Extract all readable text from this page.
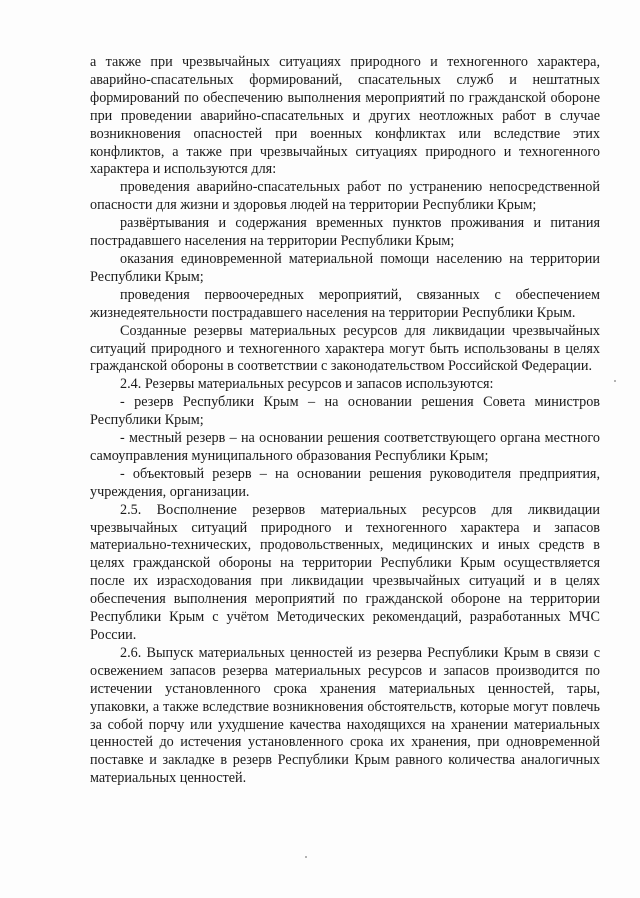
а также при чрезвычайных ситуациях природного и техногенного характера, аварийно-спасательных формирований, спасательных служб и нештатных формирований по обеспечению выполнения мероприятий по гражданской обороне при проведении аварийно-спасательных и других неотложных работ в случае возникновения опасностей при военных конфликтах или вследствие этих конфликтов, а также при чрезвычайных ситуациях природного и техногенного характера и используются для:

проведения аварийно-спасательных работ по устранению непосредственной опасности для жизни и здоровья людей на территории Республики Крым;

развёртывания и содержания временных пунктов проживания и питания пострадавшего населения на территории Республики Крым;

оказания единовременной материальной помощи населению на территории Республики Крым;

проведения первоочередных мероприятий, связанных с обеспечением жизнедеятельности пострадавшего населения на территории Республики Крым.

Созданные резервы материальных ресурсов для ликвидации чрезвычайных ситуаций природного и техногенного характера могут быть использованы в целях гражданской обороны в соответствии с законодательством Российской Федерации.

2.4. Резервы материальных ресурсов и запасов используются:

- резерв Республики Крым – на основании решения Совета министров Республики Крым;

- местный резерв – на основании решения соответствующего органа местного самоуправления муниципального образования Республики Крым;

- объектовый резерв – на основании решения руководителя предприятия, учреждения, организации.

2.5. Восполнение резервов материальных ресурсов для ликвидации чрезвычайных ситуаций природного и техногенного характера и запасов материально-технических, продовольственных, медицинских и иных средств в целях гражданской обороны на территории Республики Крым осуществляется после их израсходования при ликвидации чрезвычайных ситуаций и в целях обеспечения выполнения мероприятий по гражданской обороне на территории Республики Крым с учётом Методических рекомендаций, разработанных МЧС России.

2.6. Выпуск материальных ценностей из резерва Республики Крым в связи с освежением запасов резерва материальных ресурсов и запасов производится по истечении установленного срока хранения материальных ценностей, тары, упаковки, а также вследствие возникновения обстоятельств, которые могут повлечь за собой порчу или ухудшение качества находящихся на хранении материальных ценностей до истечения установленного срока их хранения, при одновременной поставке и закладке в резерв Республики Крым равного количества аналогичных материальных ценностей.
